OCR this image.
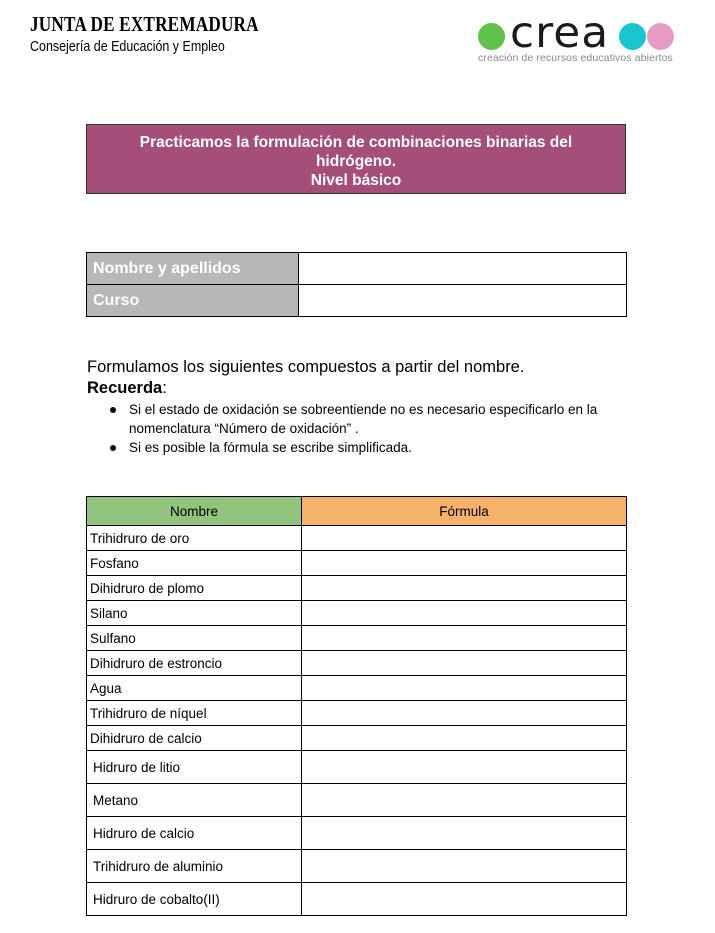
JUNTA DE EXTREMADURA
Consejería de Educación y Empleo	crea
creación de recursos educativos abiertos
Practicamos la formulación de combinaciones binarias del
hidrógeno.
Nivel básico
Nombre y apellidos	
Curso	
Formulamos los siguientes compuestos a partir del nombre.
Recuerda:
Si el estado de oxidación se sobreentiende no es necesario especificarlo en la nomenclatura “Número de oxidación” .
Si es posible la fórmula se escribe simplificada.
Nombre	Fórmula
Trihidruro de oro	
Fosfano	
Dihidruro de plomo	
Silano	
Sulfano	
Dihidruro de estroncio	
Agua	
Trihidruro de níquel	
Dihidruro de calcio	
Hidruro de litio	
Metano	
Hidruro de calcio	
Trihidruro de aluminio	
Hidruro de cobalto(II)	
